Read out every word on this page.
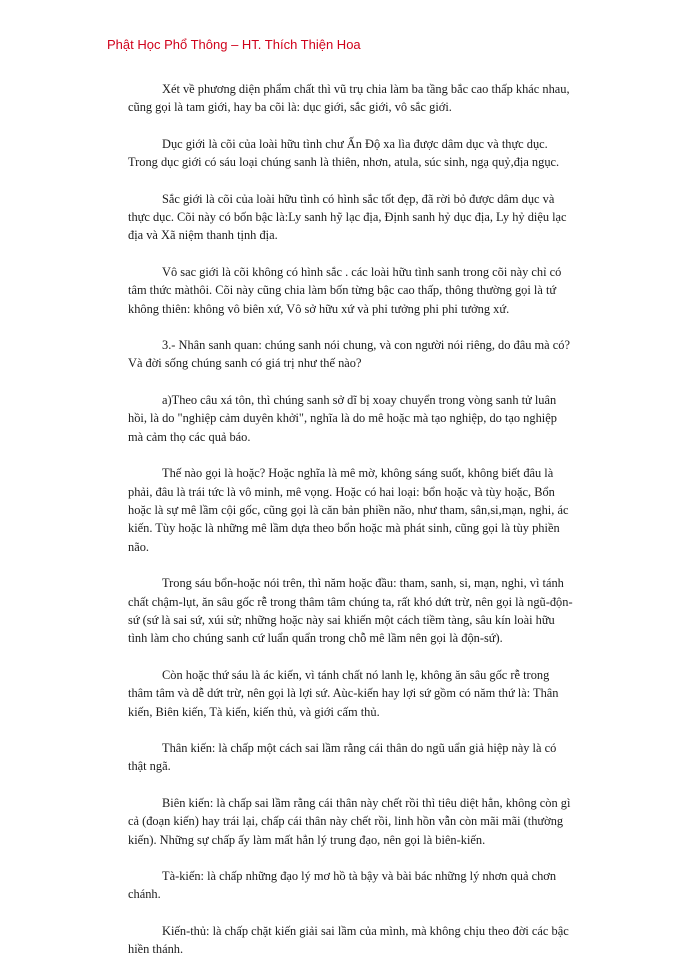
Phật Học Phổ Thông – HT. Thích Thiện Hoa

Xét về phương diện phẩm chất thì vũ trụ chia làm ba tầng bắc cao thấp khác nhau, cũng gọi là tam giới, hay ba cõi là: dục giới, sắc giới, vô sắc giới.

Dục giới là cõi của loài hữu tình chư Ấn Độ xa lìa được dâm dục và thực dục. Trong dục giới có sáu loại chúng sanh là thiên, nhơn, atula, súc sinh, ngạ quỷ,địa ngục.

Sắc giới là cõi của loài hữu tình có hình sắc tốt đẹp, đã rời bỏ được dâm dục và thực dục. Cõi này có bốn bậc là:Ly sanh hỹ lạc địa, Định sanh hỷ dục địa, Ly hỷ diệu lạc địa và Xã niệm thanh tịnh địa.

Vô sac giới là cõi không có hình sắc . các loài hữu tình sanh trong cõi này chỉ có tâm thức màthôi. Cõi này cũng chia làm bốn từng bậc cao thấp, thông thường gọi là tứ không thiên: không vô biên xứ, Vô sở hữu xứ và phi tưởng phi phi tưởng xứ.

3.- Nhân sanh quan: chúng sanh nói chung, và con người nói riêng, do đâu mà có? Và đời sống chúng sanh có giá trị như thế nào?

a)Theo câu xá tôn, thì chúng sanh sở dĩ bị xoay chuyển trong vòng sanh tử luân hồi, là do "nghiệp cảm duyên khởi", nghĩa là do mê hoặc mà tạo nghiệp, do tạo nghiệp mà cảm thọ các quả báo.

Thế nào gọi là hoặc? Hoặc nghĩa là mê mờ, không sáng suốt, không biết đâu là phải, đâu là trái tức là vô minh, mê vọng. Hoặc có hai loại: bổn hoặc và tùy hoặc, Bổn hoặc là sự mê lầm cội gốc, cũng gọi là căn bản phiền não, như tham, sân,si,mạn, nghi, ác kiến. Tùy hoặc là những mê lầm dựa theo bổn hoặc mà phát sinh, cũng gọi là tùy phiền não.

Trong sáu bổn-hoặc nói trên, thì năm hoặc đầu: tham, sanh, si, mạn, nghi, vì tánh chất chậm-lụt, ăn sâu gốc rễ trong thâm tâm chúng ta, rất khó dứt trừ, nên gọi là ngũ-độn-sứ (sứ là sai sứ, xúi sử; những hoặc này sai khiến một cách tiềm tàng, sâu kín loài hữu tình làm cho chúng sanh cứ luẩn quẩn trong chỗ mê lầm nên gọi là độn-sứ).

Còn hoặc thứ sáu là ác kiến, vì tánh chất nó lanh lẹ, không ăn sâu gốc rễ trong thâm tâm và dễ dứt trừ, nên gọi là lợi sứ. Aùc-kiến hay lợi sứ gồm có năm thứ là: Thân kiến, Biên kiến, Tà kiến, kiến thủ, và giới cấm thủ.

Thân kiến: là chấp một cách sai lầm rằng cái thân do ngũ uẩn giả hiệp này là có thật ngã.

Biên kiến: là chấp sai lầm rằng cái thân này chết rồi thì tiêu diệt hẳn, không còn gì cả (đoạn kiến) hay trái lại, chấp cái thân này chết rồi, linh hồn vẫn còn mãi mãi (thường kiến). Những sự chấp ấy làm mất hẳn lý trung đạo, nên gọi là biên-kiến.

Tà-kiến: là chấp những đạo lý mơ hồ tà bậy và bài bác những lý nhơn quả chơn chánh.

Kiến-thủ: là chấp chặt kiến giải sai lầm của mình, mà không chịu theo đời các bậc hiền thánh.
